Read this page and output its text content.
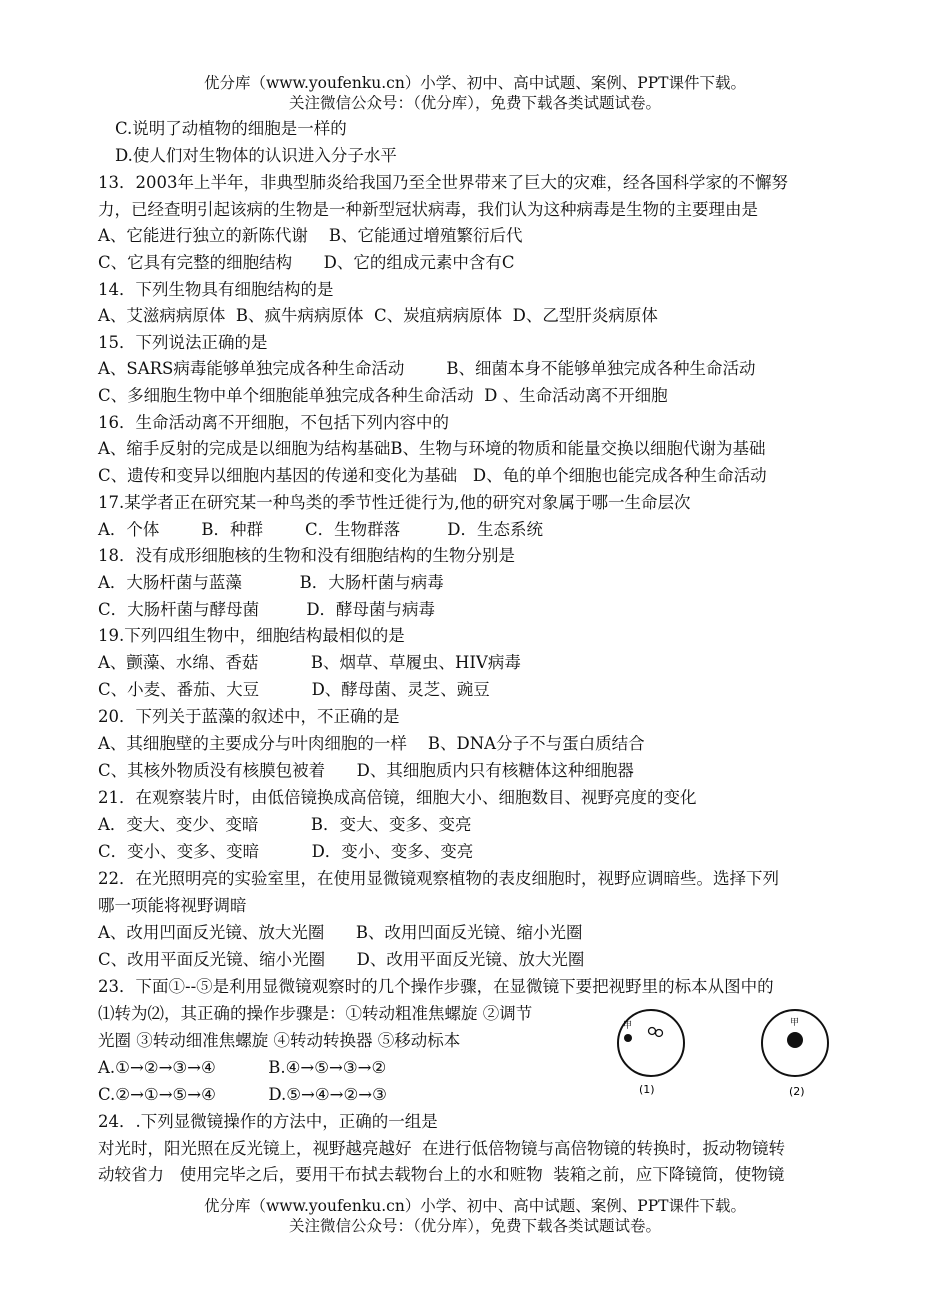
优分库（www.youfenku.cn）小学、初中、高中试题、案例、PPT课件下载。
关注微信公众号：（优分库），免费下载各类试题试卷。
C.说明了动植物的细胞是一样的
D.使人们对生物体的认识进入分子水平
13．2003年上半年，非典型肺炎给我国乃至全世界带来了巨大的灾难，经各国科学家的不懈努
力，已经查明引起该病的生物是一种新型冠状病毒，我们认为这种病毒是生物的主要理由是
A、它能进行独立的新陈代谢    B、它能通过增殖繁衍后代
C、它具有完整的细胞结构      D、它的组成元素中含有C
14．下列生物具有细胞结构的是
A、艾滋病病原体  B、疯牛病病原体  C、炭疽病病原体  D、乙型肝炎病原体
15．下列说法正确的是
A、SARS病毒能够单独完成各种生命活动        B、细菌本身不能够单独完成各种生命活动
C、多细胞生物中单个细胞能单独完成各种生命活动  D 、生命活动离不开细胞
16．生命活动离不开细胞，不包括下列内容中的
A、缩手反射的完成是以细胞为结构基础B、生物与环境的物质和能量交换以细胞代谢为基础
C、遗传和变异以细胞内基因的传递和变化为基础   D、龟的单个细胞也能完成各种生命活动
17.某学者正在研究某一种鸟类的季节性迁徙行为,他的研究对象属于哪一生命层次
A．个体        B．种群        C．生物群落         D．生态系统
18．没有成形细胞核的生物和没有细胞结构的生物分别是
A．大肠杆菌与蓝藻           B．大肠杆菌与病毒
C．大肠杆菌与酵母菌         D．酵母菌与病毒
19.下列四组生物中，细胞结构最相似的是
A、颤藻、水绵、香菇          B、烟草、草履虫、HIV病毒
C、小麦、番茄、大豆          D、酵母菌、灵芝、豌豆
20．下列关于蓝藻的叙述中，不正确的是
A、其细胞壁的主要成分与叶肉细胞的一样    B、DNA分子不与蛋白质结合
C、其核外物质没有核膜包被着      D、其细胞质内只有核糖体这种细胞器
21．在观察装片时，由低倍镜换成高倍镜，细胞大小、细胞数目、视野亮度的变化
A．变大、变少、变暗          B．变大、变多、变亮
C．变小、变多、变暗          D．变小、变多、变亮
22．在光照明亮的实验室里，在使用显微镜观察植物的表皮细胞时，视野应调暗些。选择下列
哪一项能将视野调暗
A、改用凹面反光镜、放大光圈      B、改用凹面反光镜、缩小光圈
C、改用平面反光镜、缩小光圈      D、改用平面反光镜、放大光圈
23．下面①--⑤是利用显微镜观察时的几个操作步骤，在显微镜下要把视野里的标本从图中的
⑴转为⑵，其正确的操作步骤是：①转动粗准焦螺旋 ②调节
光圈 ③转动细准焦螺旋 ④转动转换器 ⑤移动标本
A.①→②→③→④          B.④→⑤→③→②
C.②→①→⑤→④          D.⑤→④→②→③
24．.下列显微镜操作的方法中，正确的一组是
对光时，阳光照在反光镜上，视野越亮越好  在进行低倍物镜与高倍物镜的转换时，扳动物镜转
动较省力   使用完毕之后，要用干布拭去载物台上的水和赃物  装箱之前，应下降镜筒，使物镜
甲
(1)
甲
(2)
优分库（www.youfenku.cn）小学、初中、高中试题、案例、PPT课件下载。
关注微信公众号：（优分库），免费下载各类试题试卷。
